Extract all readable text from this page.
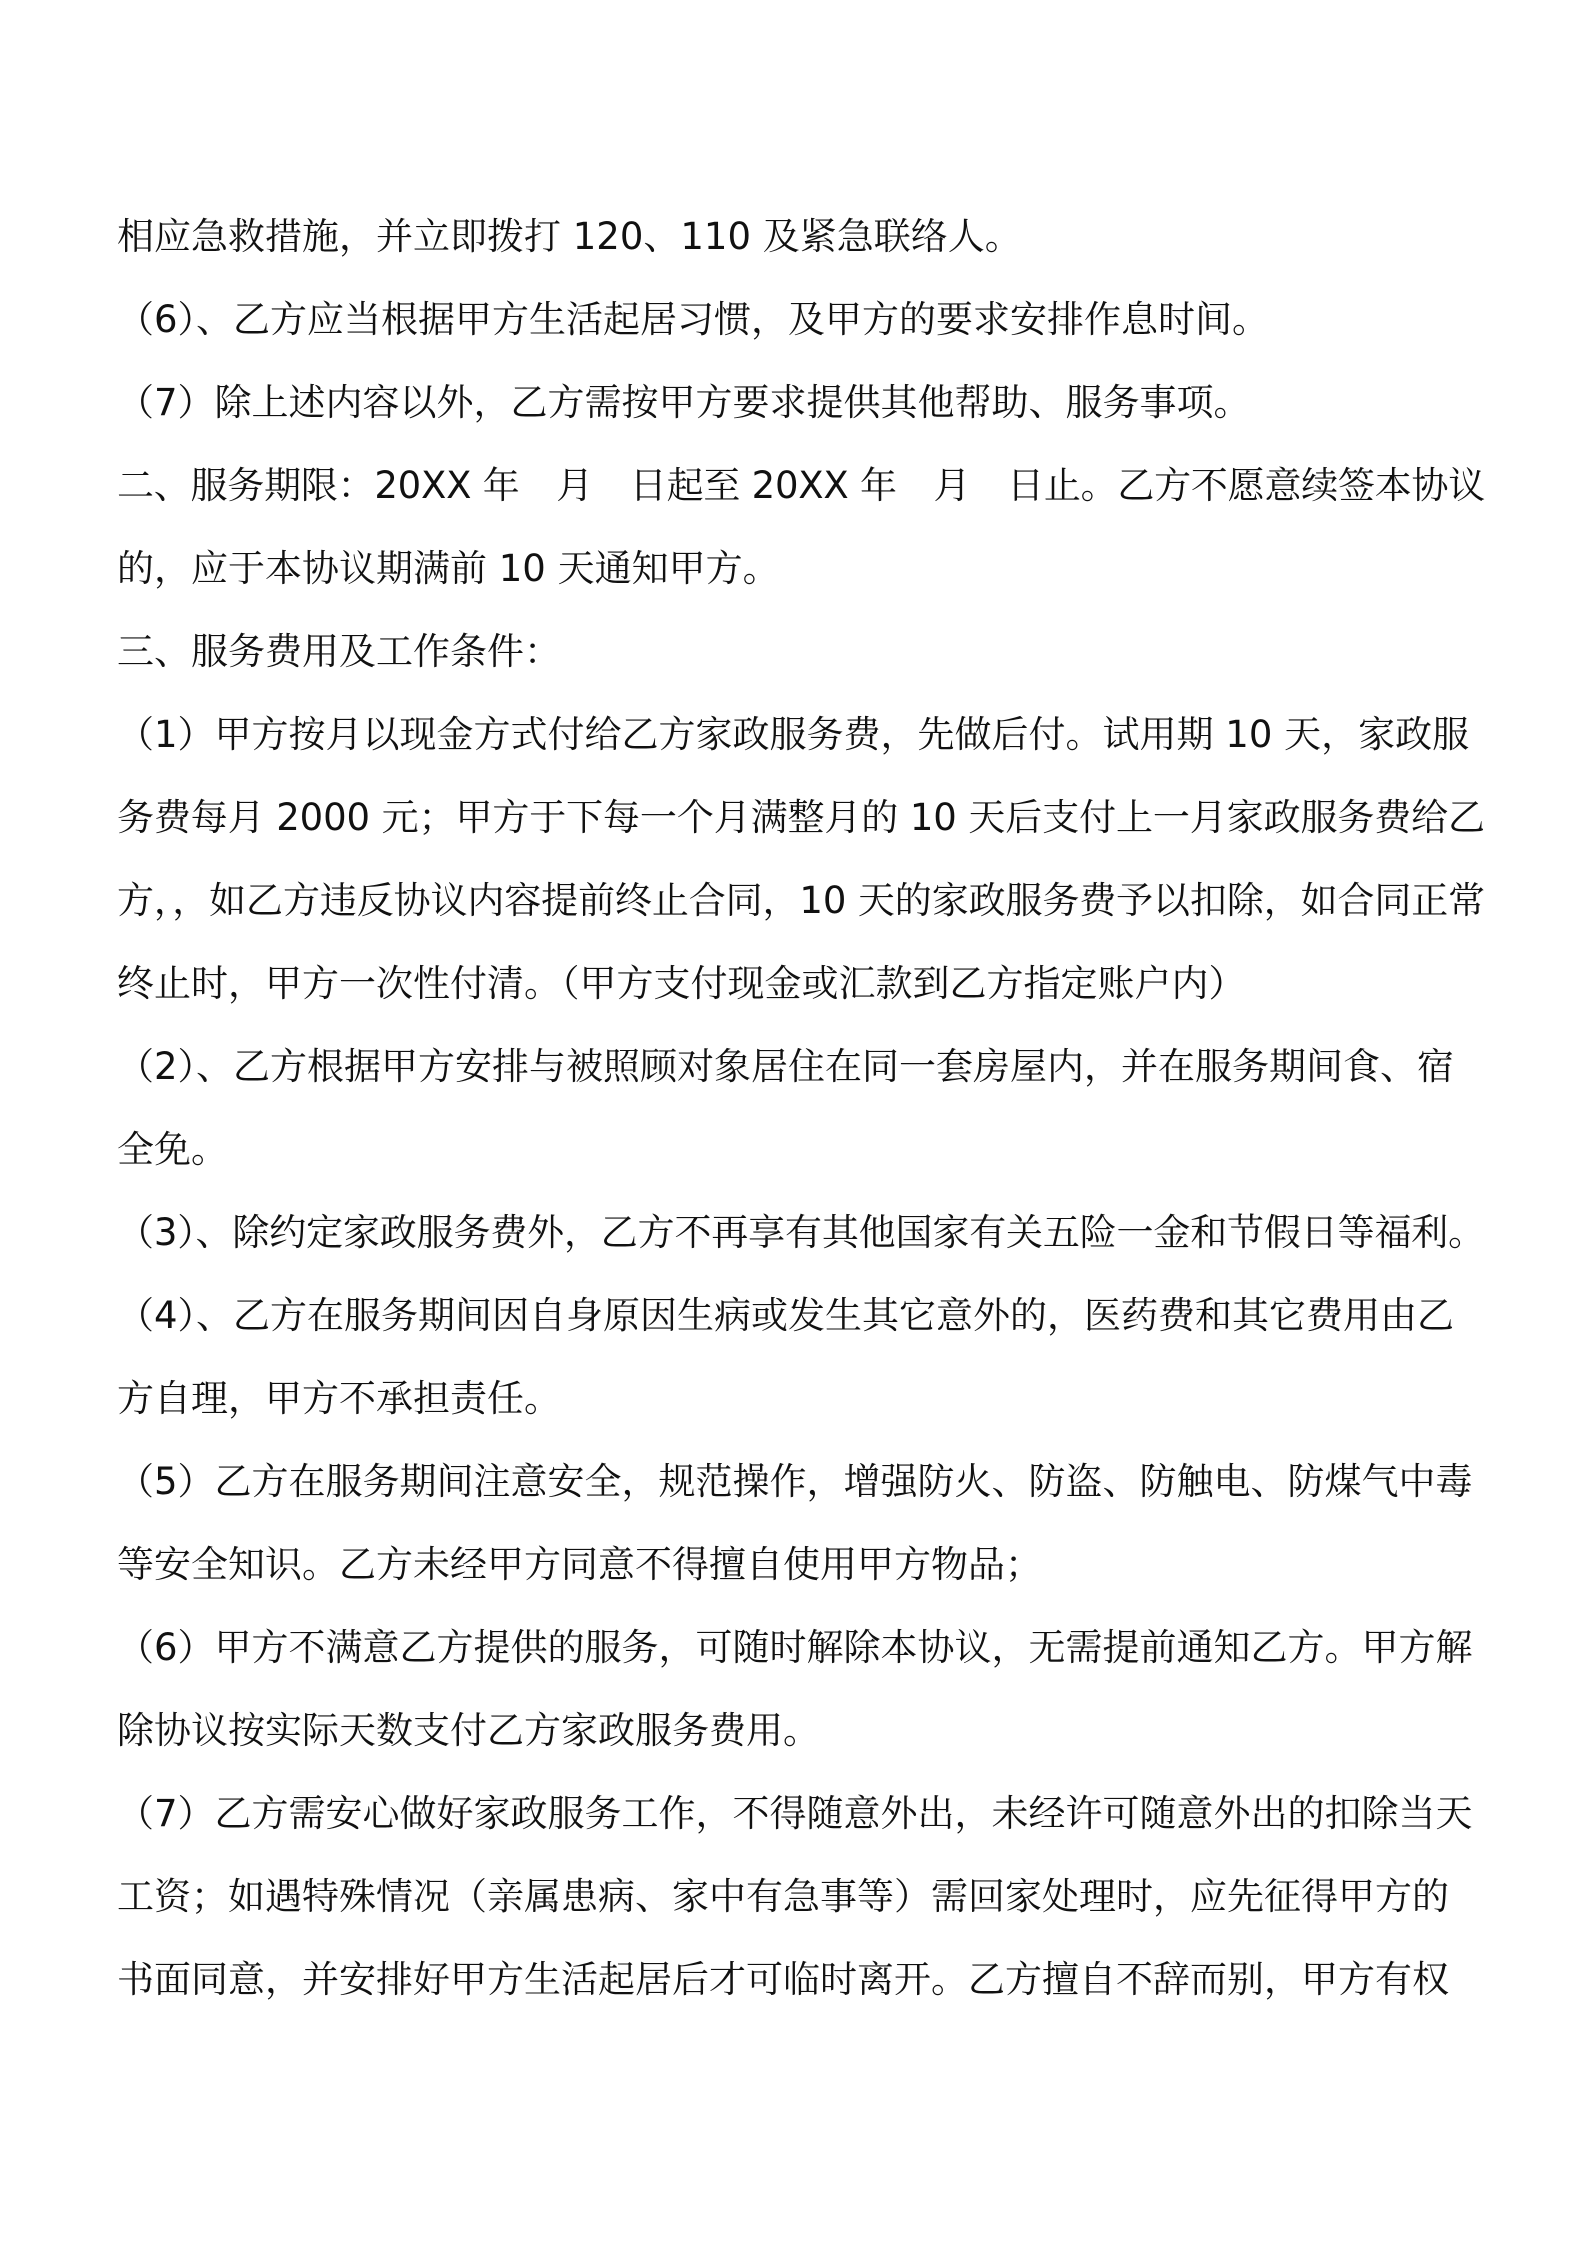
相应急救措施，并立即拨打 120、110 及紧急联络人。
（6）、乙方应当根据甲方生活起居习惯，及甲方的要求安排作息时间。
（7）除上述内容以外，乙方需按甲方要求提供其他帮助、服务事项。
二、服务期限：20XX 年　月　日起至 20XX 年　月　日止。乙方不愿意续签本协议
的，应于本协议期满前 10 天通知甲方。
三、服务费用及工作条件：
（1）甲方按月以现金方式付给乙方家政服务费，先做后付。试用期 10 天，家政服
务费每月 2000 元；甲方于下每一个月满整月的 10 天后支付上一月家政服务费给乙
方，，如乙方违反协议内容提前终止合同，10 天的家政服务费予以扣除，如合同正常
终止时，甲方一次性付清。（甲方支付现金或汇款到乙方指定账户内）
（2）、乙方根据甲方安排与被照顾对象居住在同一套房屋内，并在服务期间食、宿
全免。
（3）、除约定家政服务费外，乙方不再享有其他国家有关五险一金和节假日等福利。
（4）、乙方在服务期间因自身原因生病或发生其它意外的，医药费和其它费用由乙
方自理，甲方不承担责任。
（5）乙方在服务期间注意安全，规范操作，增强防火、防盗、防触电、防煤气中毒
等安全知识。乙方未经甲方同意不得擅自使用甲方物品；
（6）甲方不满意乙方提供的服务，可随时解除本协议，无需提前通知乙方。甲方解
除协议按实际天数支付乙方家政服务费用。
（7）乙方需安心做好家政服务工作，不得随意外出，未经许可随意外出的扣除当天
工资；如遇特殊情况（亲属患病、家中有急事等）需回家处理时，应先征得甲方的
书面同意，并安排好甲方生活起居后才可临时离开。乙方擅自不辞而别，甲方有权
